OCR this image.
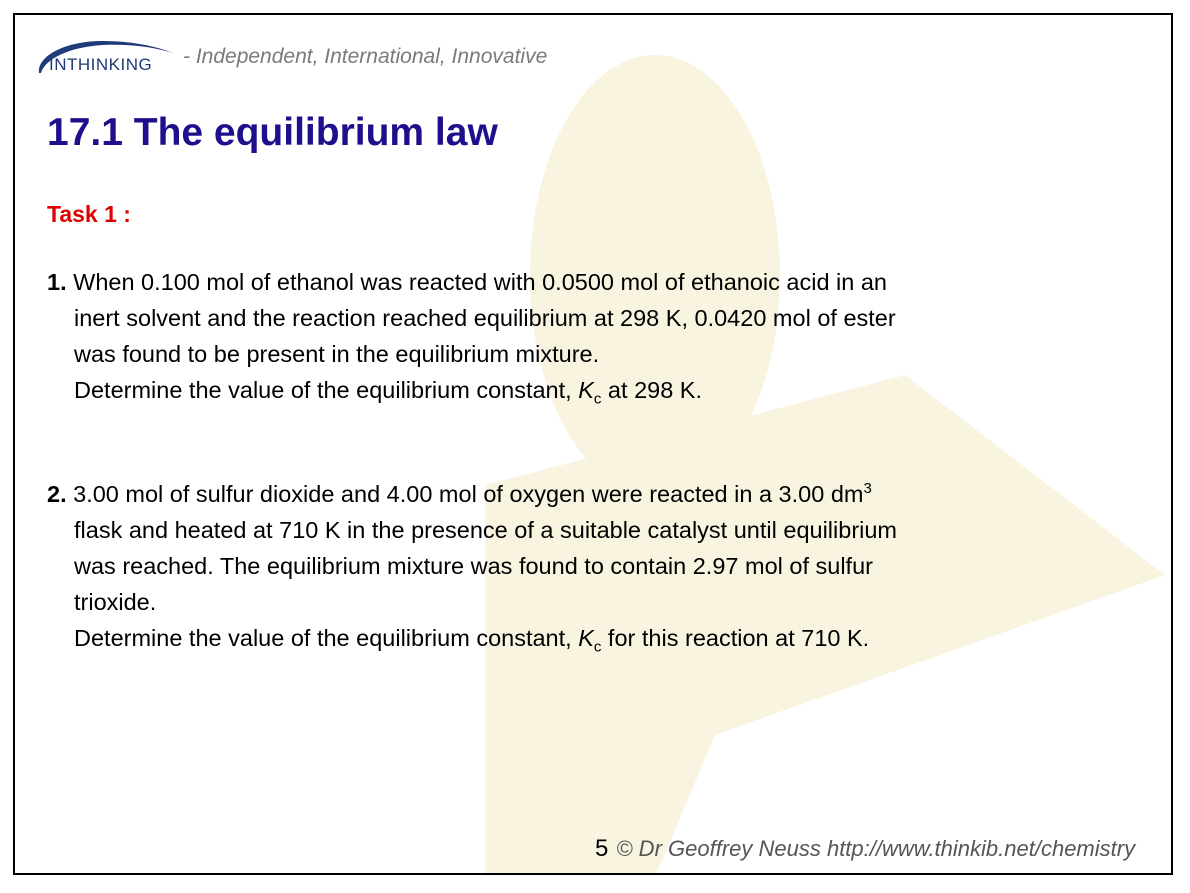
INTHINKING - Independent, International, Innovative
17.1 The equilibrium law
Task 1 :
1. When 0.100 mol of ethanol was reacted with 0.0500 mol of ethanoic acid in an
inert solvent and the reaction reached equilibrium at 298 K, 0.0420 mol of ester
was found to be present in the equilibrium mixture.
Determine the value of the equilibrium constant, $K_c$ at 298 K.
2. 3.00 mol of sulfur dioxide and 4.00 mol of oxygen were reacted in a 3.00 $dm^3$
flask and heated at 710 K in the presence of a suitable catalyst until equilibrium
was reached. The equilibrium mixture was found to contain 2.97 mol of sulfur
trioxide.
Determine the value of the equilibrium constant, $K_c$ for this reaction at 710 K.
5 © Dr Geoffrey Neuss http://www.thinkib.net/chemistry
